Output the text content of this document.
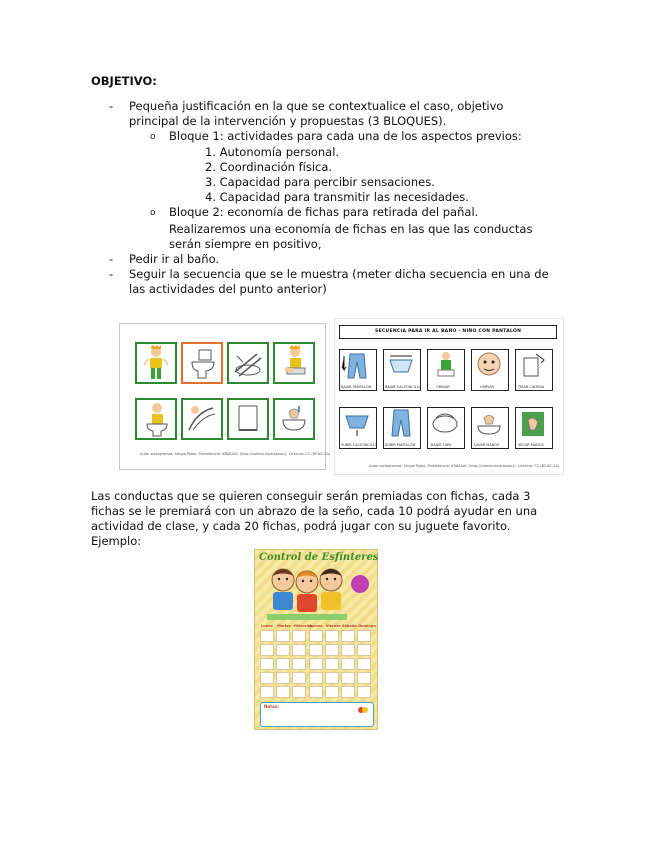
OBJETIVO:
- Pequeña justificación en la que se contextualice el caso, objetivo
principal de la intervención y propuestas (3 BLOQUES).
o Bloque 1: actividades para cada una de los aspectos previos:
1. Autonomía personal.
2. Coordinación física.
3. Capacidad para percibir sensaciones.
4. Capacidad para transmitir las necesidades.
o Bloque 2: economía de fichas para retirada del pañal.
Realizaremos una economía de fichas en las que las conductas
serán siempre en positivo,
- Pedir ir al baño.
- Seguir la secuencia que se le muestra (meter dicha secuencia en una de
las actividades del punto anterior)
Autor pictogramas: Sergio Palao. Procedencia: ARASAAC (http://catedu.es/arasaac/). Licencia: CC (BY-NC-SA)
SECUENCIA PARA IR AL BAÑO · NIÑO CON PANTALÓN
BAJAR PANTALÓN	BAJAR CALZONCILLO	ORINAR	LIMPIAR	TIRAR CADENA
SUBIR CALZONCILLO SUBIR PANTALÓN	BAJAR TAPA	LAVAR MANOS	SECAR MANOS
Autor pictogramas: Sergio Palao. Procedencia: ARASAAC (http://catedu.es/arasaac/). Licencia: CC (BY-NC-SA)
Las conductas que se quieren conseguir serán premiadas con fichas, cada 3
fichas se le premiará con un abrazo de la seño, cada 10 podrá ayudar en una
actividad de clase, y cada 20 fichas, podrá jugar con su juguete favorito.
Ejemplo:
Control de Esfínteres
Lunes Martes Miércoles
Jueves Viernes Sábado Domingo
Notas:
